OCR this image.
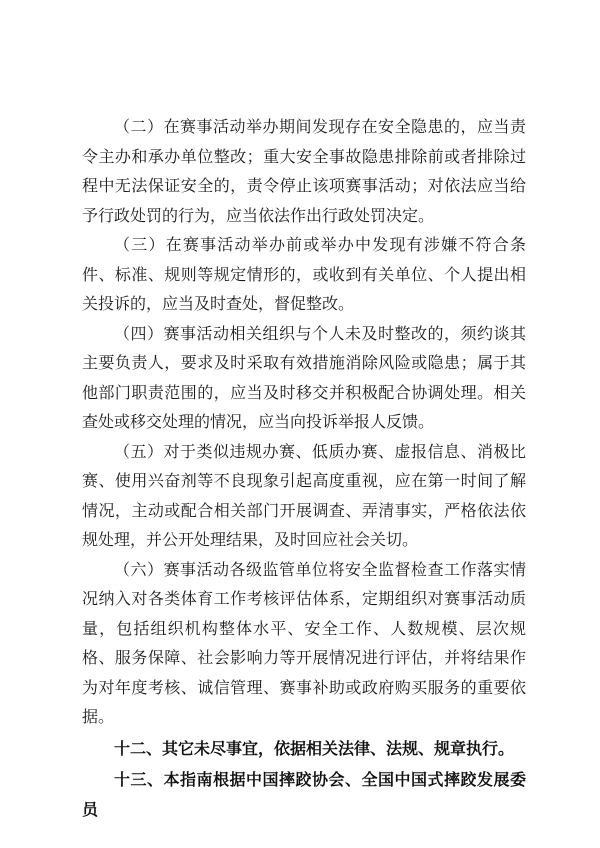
（二）在赛事活动举办期间发现存在安全隐患的，应当责令主办和承办单位整改；重大安全事故隐患排除前或者排除过程中无法保证安全的，责令停止该项赛事活动；对依法应当给予行政处罚的行为，应当依法作出行政处罚决定。

（三）在赛事活动举办前或举办中发现有涉嫌不符合条件、标准、规则等规定情形的，或收到有关单位、个人提出相关投诉的，应当及时查处，督促整改。

（四）赛事活动相关组织与个人未及时整改的，须约谈其主要负责人，要求及时采取有效措施消除风险或隐患；属于其他部门职责范围的，应当及时移交并积极配合协调处理。相关查处或移交处理的情况，应当向投诉举报人反馈。

（五）对于类似违规办赛、低质办赛、虚报信息、消极比赛、使用兴奋剂等不良现象引起高度重视，应在第一时间了解情况，主动或配合相关部门开展调查、弄清事实，严格依法依规处理，并公开处理结果，及时回应社会关切。

（六）赛事活动各级监管单位将安全监督检查工作落实情况纳入对各类体育工作考核评估体系，定期组织对赛事活动质量，包括组织机构整体水平、安全工作、人数规模、层次规格、服务保障、社会影响力等开展情况进行评估，并将结果作为对年度考核、诚信管理、赛事补助或政府购买服务的重要依据。

十二、其它未尽事宜，依据相关法律、法规、规章执行。

十三、本指南根据中国摔跤协会、全国中国式摔跤发展委员
